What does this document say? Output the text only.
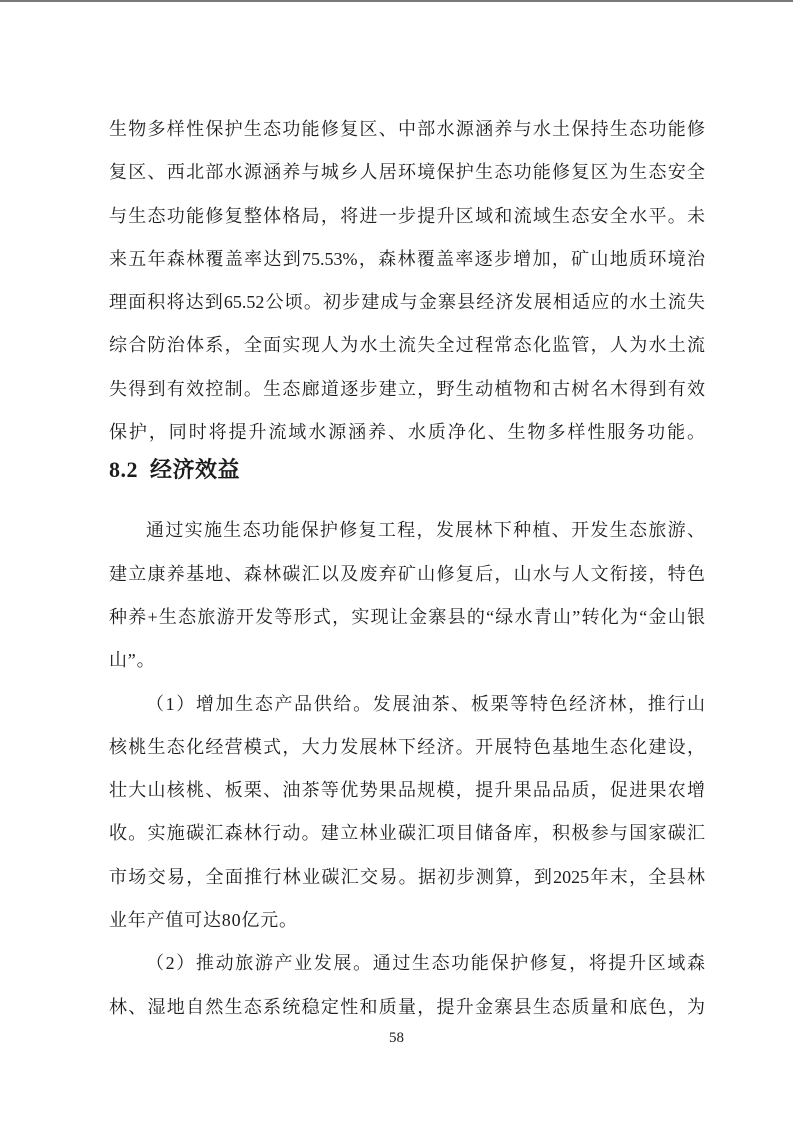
生物多样性保护生态功能修复区、中部水源涵养与水土保持生态功能修
复区、西北部水源涵养与城乡人居环境保护生态功能修复区为生态安全
与生态功能修复整体格局，将进一步提升区域和流域生态安全水平。未
来五年森林覆盖率达到75.53%，森林覆盖率逐步增加，矿山地质环境治
理面积将达到65.52公顷。初步建成与金寨县经济发展相适应的水土流失
综合防治体系，全面实现人为水土流失全过程常态化监管，人为水土流
失得到有效控制。生态廊道逐步建立，野生动植物和古树名木得到有效
保护，同时将提升流域水源涵养、水质净化、生物多样性服务功能。
8.2 经济效益
通过实施生态功能保护修复工程，发展林下种植、开发生态旅游、
建立康养基地、森林碳汇以及废弃矿山修复后，山水与人文衔接，特色
种养+生态旅游开发等形式，实现让金寨县的“绿水青山”转化为“金山银
山”。
（1）增加生态产品供给。发展油茶、板栗等特色经济林，推行山
核桃生态化经营模式，大力发展林下经济。开展特色基地生态化建设，
壮大山核桃、板栗、油茶等优势果品规模，提升果品品质，促进果农增
收。实施碳汇森林行动。建立林业碳汇项目储备库，积极参与国家碳汇
市场交易，全面推行林业碳汇交易。据初步测算，到2025年末，全县林
业年产值可达80亿元。
（2）推动旅游产业发展。通过生态功能保护修复，将提升区域森
林、湿地自然生态系统稳定性和质量，提升金寨县生态质量和底色，为
58
